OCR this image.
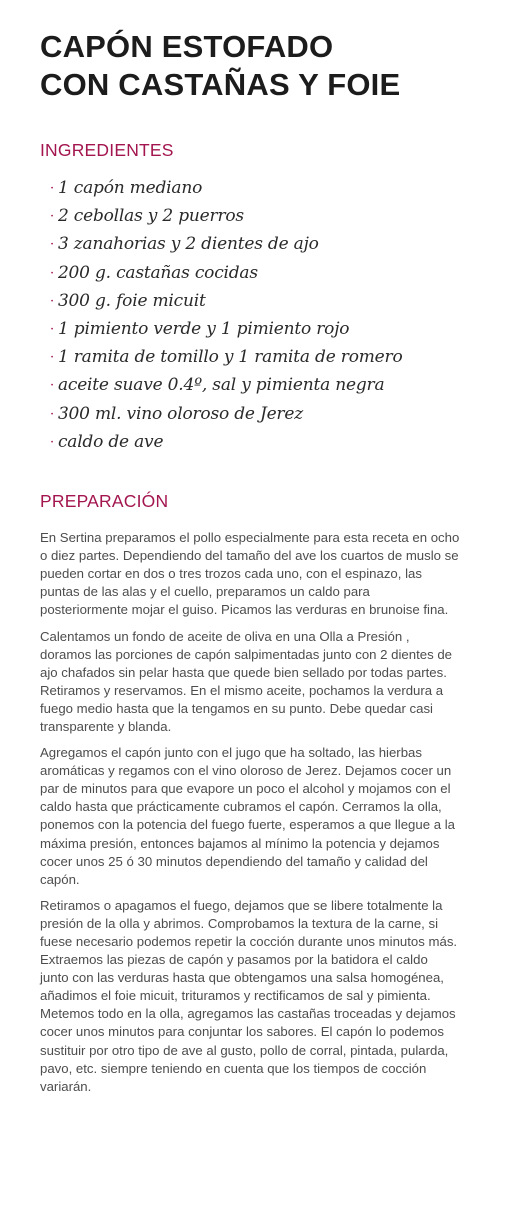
CAPÓN ESTOFADO
CON CASTAÑAS Y FOIE
INGREDIENTES
· 1 capón mediano
· 2 cebollas y 2 puerros
· 3 zanahorias y 2 dientes de ajo
· 200 g. castañas cocidas
· 300 g. foie micuit
· 1 pimiento verde y 1 pimiento rojo
· 1 ramita de tomillo y 1 ramita de romero
· aceite suave 0.4º, sal y pimienta negra
· 300 ml. vino oloroso de Jerez
· caldo de ave
PREPARACIÓN

En Sertina preparamos el pollo especialmente para esta receta en ocho o diez partes. Dependiendo del tamaño del ave los cuartos de muslo se pueden cortar en dos o tres trozos cada uno, con el espinazo, las puntas de las alas y el cuello, preparamos un caldo para posteriormente mojar el guiso. Picamos las verduras en brunoise fina.

Calentamos un fondo de aceite de oliva en una Olla a Presión , doramos las porciones de capón salpimentadas junto con 2 dientes de ajo chafados sin pelar hasta que quede bien sellado por todas partes. Retiramos y reservamos. En el mismo aceite, pochamos la verdura a fuego medio hasta que la tengamos en su punto. Debe quedar casi transparente y blanda.

Agregamos el capón junto con el jugo que ha soltado, las hierbas aromáticas y regamos con el vino oloroso de Jerez. Dejamos cocer un par de minutos para que evapore un poco el alcohol y mojamos con el caldo hasta que prácticamente cubramos el capón. Cerramos la olla, ponemos con la potencia del fuego fuerte, esperamos a que llegue a la máxima presión, entonces bajamos al mínimo la potencia y dejamos cocer unos 25 ó 30 minutos dependiendo del tamaño y calidad del capón.

Retiramos o apagamos el fuego, dejamos que se libere totalmente la presión de la olla y abrimos. Comprobamos la textura de la carne, si fuese necesario podemos repetir la cocción durante unos minutos más. Extraemos las piezas de capón y pasamos por la batidora el caldo junto con las verduras hasta que obtengamos una salsa homogénea, añadimos el foie micuit, trituramos y rectificamos de sal y pimienta. Metemos todo en la olla, agregamos las castañas troceadas y dejamos cocer unos minutos para conjuntar los sabores. El capón lo podemos sustituir por otro tipo de ave al gusto, pollo de corral, pintada, pularda, pavo, etc. siempre teniendo en cuenta que los tiempos de cocción variarán.
